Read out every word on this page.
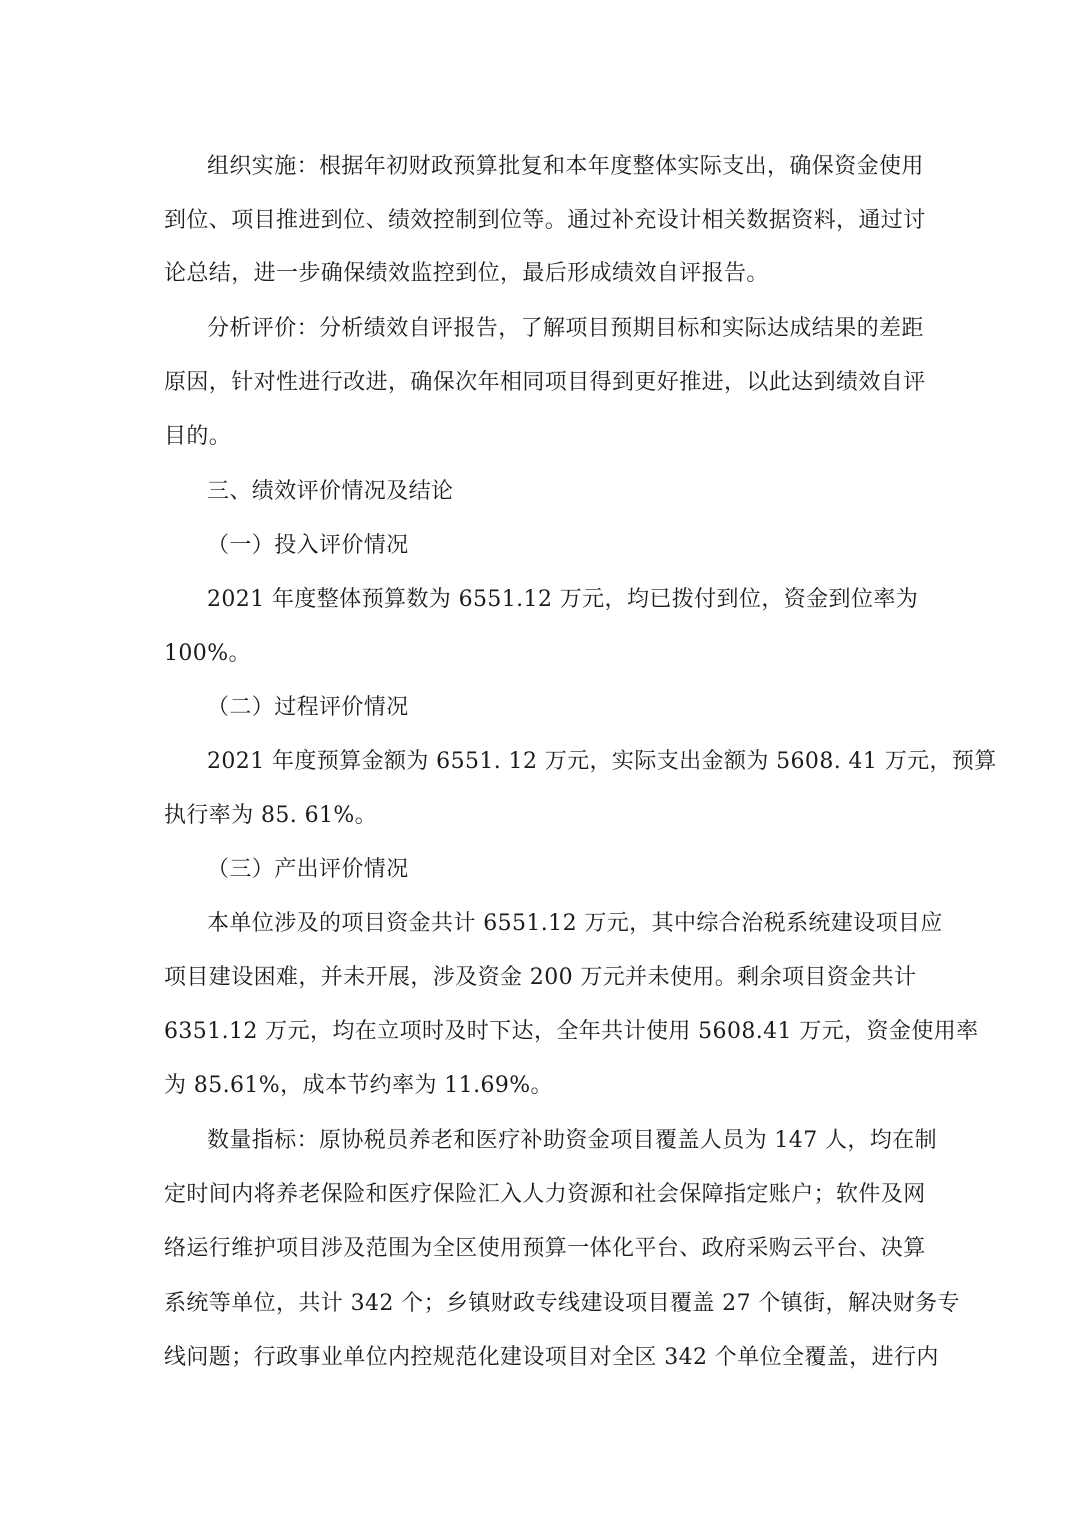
组织实施：根据年初财政预算批复和本年度整体实际支出，确保资金使用
到位、项目推进到位、绩效控制到位等。通过补充设计相关数据资料，通过讨
论总结，进一步确保绩效监控到位，最后形成绩效自评报告。
分析评价：分析绩效自评报告，了解项目预期目标和实际达成结果的差距
原因，针对性进行改进，确保次年相同项目得到更好推进，以此达到绩效自评
目的。
三、绩效评价情况及结论
（一）投入评价情况
2021 年度整体预算数为 6551.12 万元，均已拨付到位，资金到位率为
100%。
（二）过程评价情况
2021 年度预算金额为 6551. 12 万元，实际支出金额为 5608. 41 万元，预算
执行率为 85. 61%。
（三）产出评价情况
本单位涉及的项目资金共计 6551.12 万元，其中综合治税系统建设项目应
项目建设困难，并未开展，涉及资金 200 万元并未使用。剩余项目资金共计
6351.12 万元，均在立项时及时下达，全年共计使用 5608.41 万元，资金使用率
为 85.61%，成本节约率为 11.69%。
数量指标：原协税员养老和医疗补助资金项目覆盖人员为 147 人，均在制
定时间内将养老保险和医疗保险汇入人力资源和社会保障指定账户；软件及网
络运行维护项目涉及范围为全区使用预算一体化平台、政府采购云平台、决算
系统等单位，共计 342 个；乡镇财政专线建设项目覆盖 27 个镇街，解决财务专
线问题；行政事业单位内控规范化建设项目对全区 342 个单位全覆盖，进行内
